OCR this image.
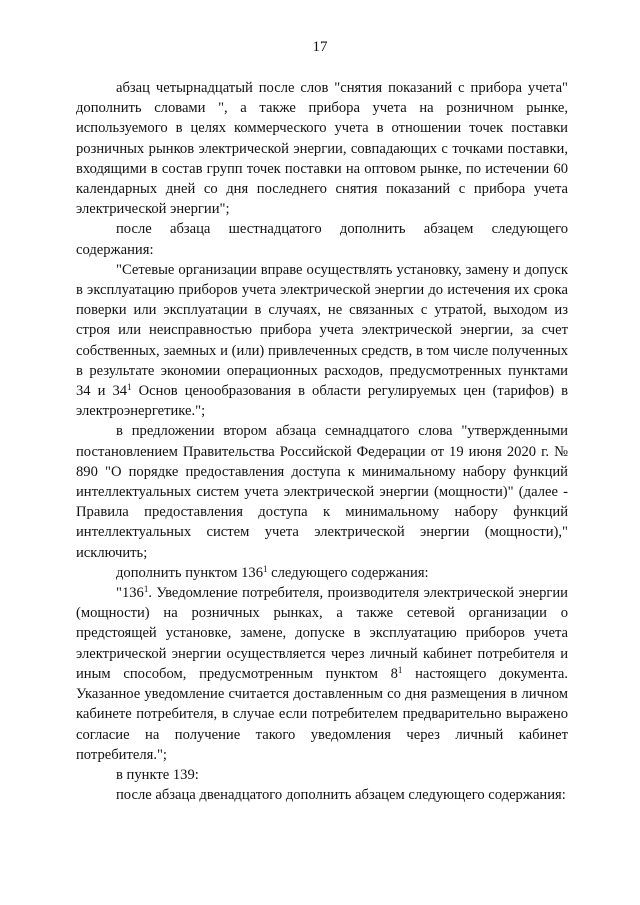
17

абзац четырнадцатый после слов "снятия показаний с прибора учета" дополнить словами ", а также прибора учета на розничном рынке, используемого в целях коммерческого учета в отношении точек поставки розничных рынков электрической энергии, совпадающих с точками поставки, входящими в состав групп точек поставки на оптовом рынке, по истечении 60 календарных дней со дня последнего снятия показаний с прибора учета электрической энергии";

после абзаца шестнадцатого дополнить абзацем следующего содержания:

"Сетевые организации вправе осуществлять установку, замену и допуск в эксплуатацию приборов учета электрической энергии до истечения их срока поверки или эксплуатации в случаях, не связанных с утратой, выходом из строя или неисправностью прибора учета электрической энергии, за счет собственных, заемных и (или) привлеченных средств, в том числе полученных в результате экономии операционных расходов, предусмотренных пунктами 34 и $34^1$ Основ ценообразования в области регулируемых цен (тарифов) в электроэнергетике.";

в предложении втором абзаца семнадцатого слова "утвержденными постановлением Правительства Российской Федерации от 19 июня 2020 г. № 890 "О порядке предоставления доступа к минимальному набору функций интеллектуальных систем учета электрической энергии (мощности)" (далее - Правила предоставления доступа к минимальному набору функций интеллектуальных систем учета электрической энергии (мощности)," исключить;

дополнить пунктом $136^1$ следующего содержания:

"$136^1$. Уведомление потребителя, производителя электрической энергии (мощности) на розничных рынках, а также сетевой организации о предстоящей установке, замене, допуске в эксплуатацию приборов учета электрической энергии осуществляется через личный кабинет потребителя и иным способом, предусмотренным пунктом $8^1$ настоящего документа. Указанное уведомление считается доставленным со дня размещения в личном кабинете потребителя, в случае если потребителем предварительно выражено согласие на получение такого уведомления через личный кабинет потребителя.";

в пункте 139:

после абзаца двенадцатого дополнить абзацем следующего содержания:
